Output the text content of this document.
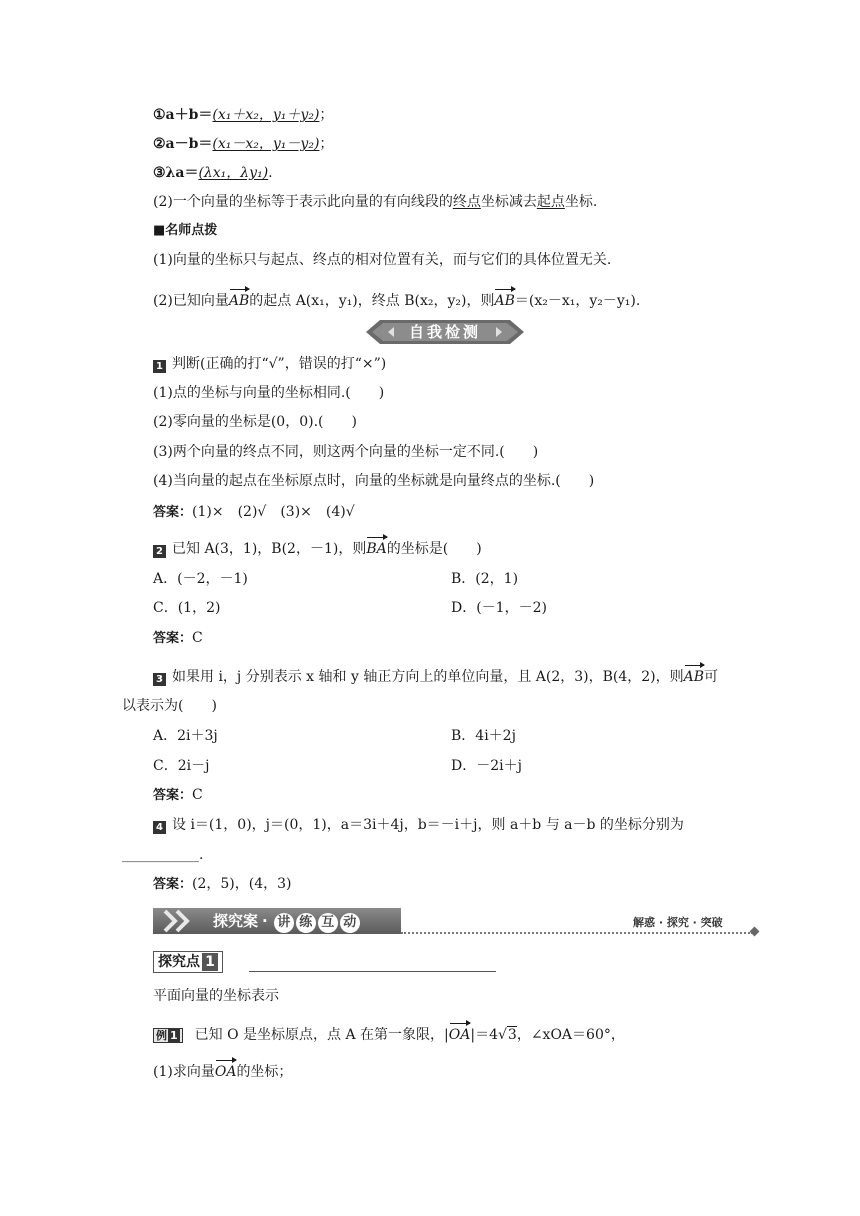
①a＋b＝(x₁＋x₂，y₁＋y₂)；
②a－b＝(x₁－x₂，y₁－y₂)；
③λa＝(λx₁，λy₁).
(2)一个向量的坐标等于表示此向量的有向线段的终点坐标减去起点坐标.
■名师点拨
(1)向量的坐标只与起点、终点的相对位置有关，而与它们的具体位置无关.
(2)已知向量AB的起点 A(x₁，y₁)，终点 B(x₂，y₂)，则AB＝(x₂－x₁，y₂－y₁).
自我检测
1 判断(正确的打“√”，错误的打“×”)
(1)点的坐标与向量的坐标相同.(　　)
(2)零向量的坐标是(0，0).(　　)
(3)两个向量的终点不同，则这两个向量的坐标一定不同.(　　)
(4)当向量的起点在坐标原点时，向量的坐标就是向量终点的坐标.(　　)
答案：(1)×　(2)√　(3)×　(4)√
2 已知 A(3，1)，B(2，－1)，则BA的坐标是(　　)
A．(－2，－1)	B．(2，1)
C．(1，2)	D．(－1，－2)
答案：C
3 如果用 i，j 分别表示 x 轴和 y 轴正方向上的单位向量，且 A(2，3)，B(4，2)，则AB可
以表示为(　　)
A．2i＋3j	B．4i＋2j
C．2i－j	D．－2i＋j
答案：C
4 设 i＝(1，0)，j＝(0，1)，a＝3i＋4j，b＝－i＋j，则 a＋b 与 a－b 的坐标分别为
___________.
答案：(2，5)，(4，3)
探究案 · 讲 练 互 动	解惑 · 探究 · 突破
探究点 1
平面向量的坐标表示
例 1 已知 O 是坐标原点，点 A 在第一象限，|OA|＝4√3，∠xOA＝60°，
(1)求向量OA的坐标；
